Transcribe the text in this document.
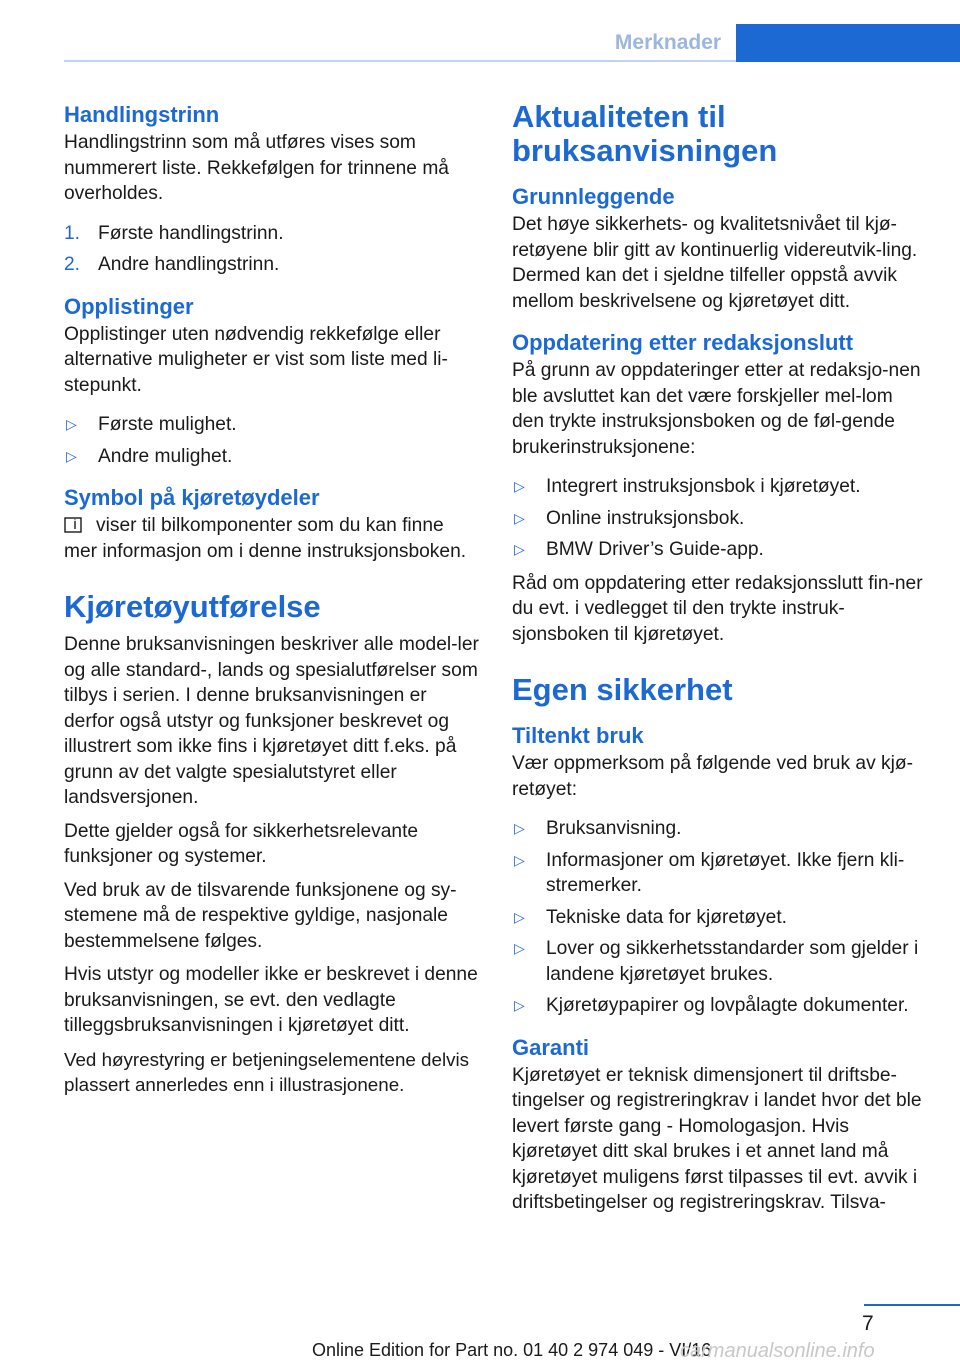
Merknader
Handlingstrinn

Handlingstrinn som må utføres vises som nummerert liste. Rekkefølgen for trinnene må overholdes.

1. Første handlingstrinn.
2. Andre handlingstrinn.
Opplistinger

Opplistinger uten nødvendig rekkefølge eller alternative muligheter er vist som liste med li-stepunkt.

▷	Første mulighet.
▷	Andre mulighet.
Symbol på kjøretøydeler

viser til bilkomponenter som du kan finne mer informasjon om i denne instruksjonsboken.

Kjøretøyutførelse

Denne bruksanvisningen beskriver alle model-ler og alle standard-, lands og spesialutførelser som tilbys i serien. I denne bruksanvisningen er derfor også utstyr og funksjoner beskrevet og illustrert som ikke fins i kjøretøyet ditt f.eks. på grunn av det valgte spesialutstyret eller landsversjonen.

Dette gjelder også for sikkerhetsrelevante funksjoner og systemer.

Ved bruk av de tilsvarende funksjonene og sy-stemene må de respektive gyldige, nasjonale bestemmelsene følges.

Hvis utstyr og modeller ikke er beskrevet i denne bruksanvisningen, se evt. den vedlagte tilleggsbruksanvisningen i kjøretøyet ditt.

Ved høyrestyring er betjeningselementene delvis plassert annerledes enn i illustrasjonene.

Aktualiteten til bruksanvisningen
Grunnleggende

Det høye sikkerhets- og kvalitetsnivået til kjø-retøyene blir gitt av kontinuerlig videreutvik-ling. Dermed kan det i sjeldne tilfeller oppstå avvik mellom beskrivelsene og kjøretøyet ditt.

Oppdatering etter redaksjonslutt

På grunn av oppdateringer etter at redaksjo-nen ble avsluttet kan det være forskjeller mel-lom den trykte instruksjonsboken og de føl-gende brukerinstruksjonene:

▷	Integrert instruksjonsbok i kjøretøyet.
▷	Online instruksjonsbok.
▷	BMW Driver’s Guide-app.

Råd om oppdatering etter redaksjonsslutt fin-ner du evt. i vedlegget til den trykte instruk-sjonsboken til kjøretøyet.

Egen sikkerhet
Tiltenkt bruk

Vær oppmerksom på følgende ved bruk av kjø-retøyet:

▷	Bruksanvisning.
▷	Informasjoner om kjøretøyet. Ikke fjern kli-stremerker.
▷	Tekniske data for kjøretøyet.
▷	Lover og sikkerhetsstandarder som gjelder i landene kjøretøyet brukes.
▷	Kjøretøypapirer og lovpålagte dokumenter.
Garanti

Kjøretøyet er teknisk dimensjonert til driftsbe-tingelser og registreringkrav i landet hvor det ble levert første gang - Homologasjon. Hvis kjøretøyet ditt skal brukes i et annet land må kjøretøyet muligens først tilpasses til evt. avvik i driftsbetingelser og registreringskrav. Tilsva-

7
Online Edition for Part no. 01 40 2 974 049 - VI/16
carmanualsonline.info
